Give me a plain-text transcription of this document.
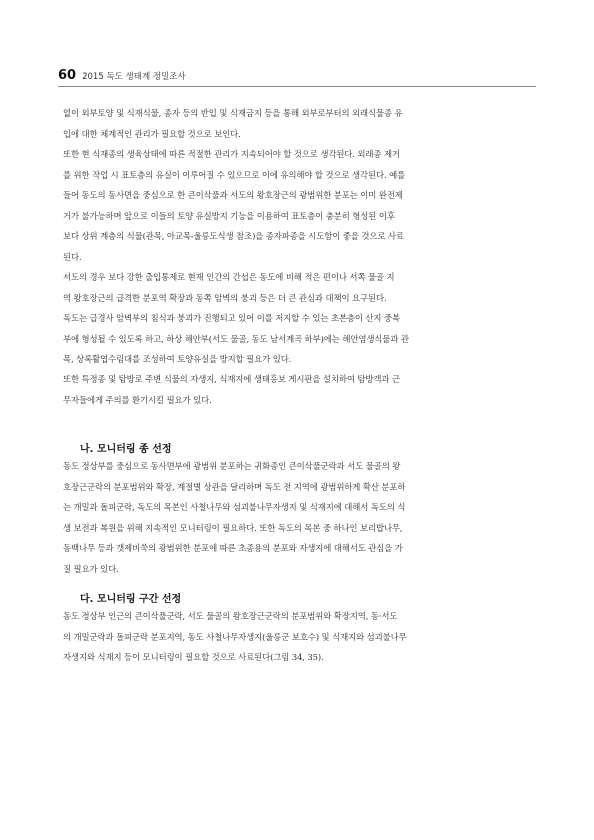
60 2015 독도 생태계 정밀조사

없이 외부토양 및 식재식물, 종자 등의 반입 및 식재금지 등을 통해 외부로부터의 외래식물종 유
입에 대한 체계적인 관리가 필요할 것으로 보인다.

또한 현 식재종의 생육상태에 따른 적절한 관리가 지속되어야 할 것으로 생각된다. 외래종 제거
를 위한 작업 시 표토층의 유실이 이루어질 수 있으므로 이에 유의해야 할 것으로 생각된다. 예를
들어 동도의 동사면을 중심으로 한 큰이삭풀과 서도의 왕호장근의 광범위한 분포는 이미 완전제
거가 불가능하며 앞으로 이들의 토양 유실방지 기능을 이용하여 표토층이 충분히 형성된 이후
보다 상위 계층의 식물(관목, 아교목-울릉도식생 참조)을 종자파종을 시도함이 좋을 것으로 사료
된다.

서도의 경우 보다 강한 출입통제로 현재 인간의 간섭은 동도에 비해 적은 편이나 서쪽 물골 지
역 왕호장근의 급격한 분포역 확장과 동쪽 암벽의 붕괴 등은 더 큰 관심과 대책이 요구된다.

독도는 급경사 암벽부의 침식과 붕괴가 진행되고 있어 이를 저지할 수 있는 초본층이 산지 중복
부에 형성될 수 있도록 하고, 하상 해안부(서도 물골, 동도 남서계곡 하부)에는 해안염생식물과 관
목, 상록활엽수림대를 조성하여 토양유실을 방지할 필요가 있다.

또한 특정종 및 탐방로 주변 식물의 자생지, 식재지에 생태홍보 게시판을 설치하여 탐방객과 근
무자들에게 주의를 환기시킬 필요가 있다.

나. 모니터링 종 선정

동도 정상부를 중심으로 동사면부에 광범위 분포하는 귀화종인 큰이삭풀군락과 서도 물골의 왕
호장근군락의 분포범위와 확장, 계절별 상관을 달리하며 독도 전 지역에 광범위하게 확산 분포하
는 개밀과 돌피군락, 독도의 목본인 사철나무와 섬괴불나무자생지 및 식재지에 대해서 독도의 식
생 보전과 복원을 위해 지속적인 모니터링이 필요하다. 또한 독도의 목본 중 하나인 보리밥나무,
동백나무 등과 갯제비쑥의 광범위한 분포에 따른 초종용의 분포와 자생지에 대해서도 관심을 가
질 필요가 있다.

다. 모니터링 구간 선정

동도 정상부 인근의 큰이삭풀군락, 서도 물골의 왕호장근군락의 분포범위와 확장지역, 동·서도
의 개밀군락과 돌피군락 분포지역, 동도 사철나무자생지(울릉군 보호수) 및 식재지와 섬괴불나무
자생지와 식재지 등이 모니터링이 필요할 것으로 사료된다(그림 34, 35).
